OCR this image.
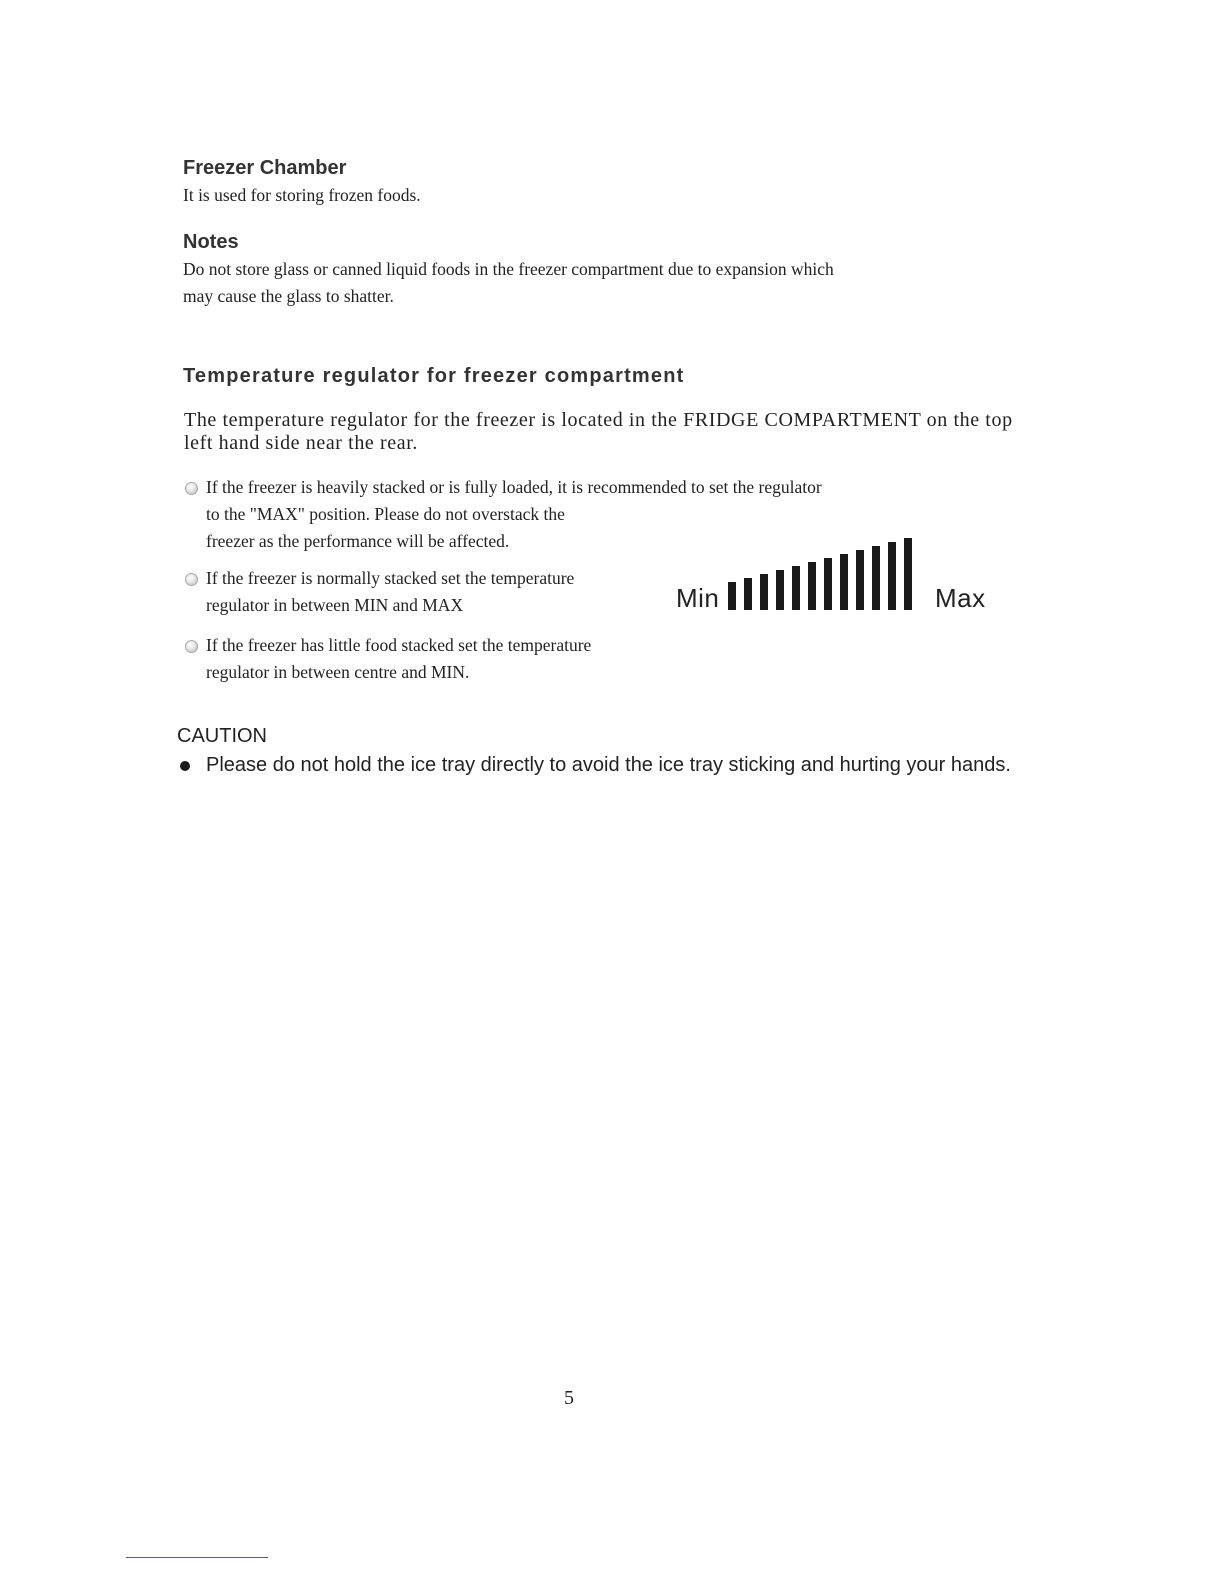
Freezer Chamber
It is used for storing frozen foods.
Notes
Do not store glass or canned liquid foods in the freezer compartment due to expansion which
may cause the glass to shatter.
Temperature regulator for freezer compartment
The temperature regulator for the freezer is located in the FRIDGE COMPARTMENT on the top
left hand side near the rear.
If the freezer is heavily stacked or is fully loaded, it is recommended to set the regulator
to the "MAX" position. Please do not overstack the
freezer as the performance will be affected.
If the freezer is normally stacked set the temperature
regulator in between MIN and MAX
If the freezer has little food stacked set the temperature
regulator in between centre and MIN.
Min	Max
CAUTION
Please do not hold the ice tray directly to avoid the ice tray sticking and hurting your hands.
5
